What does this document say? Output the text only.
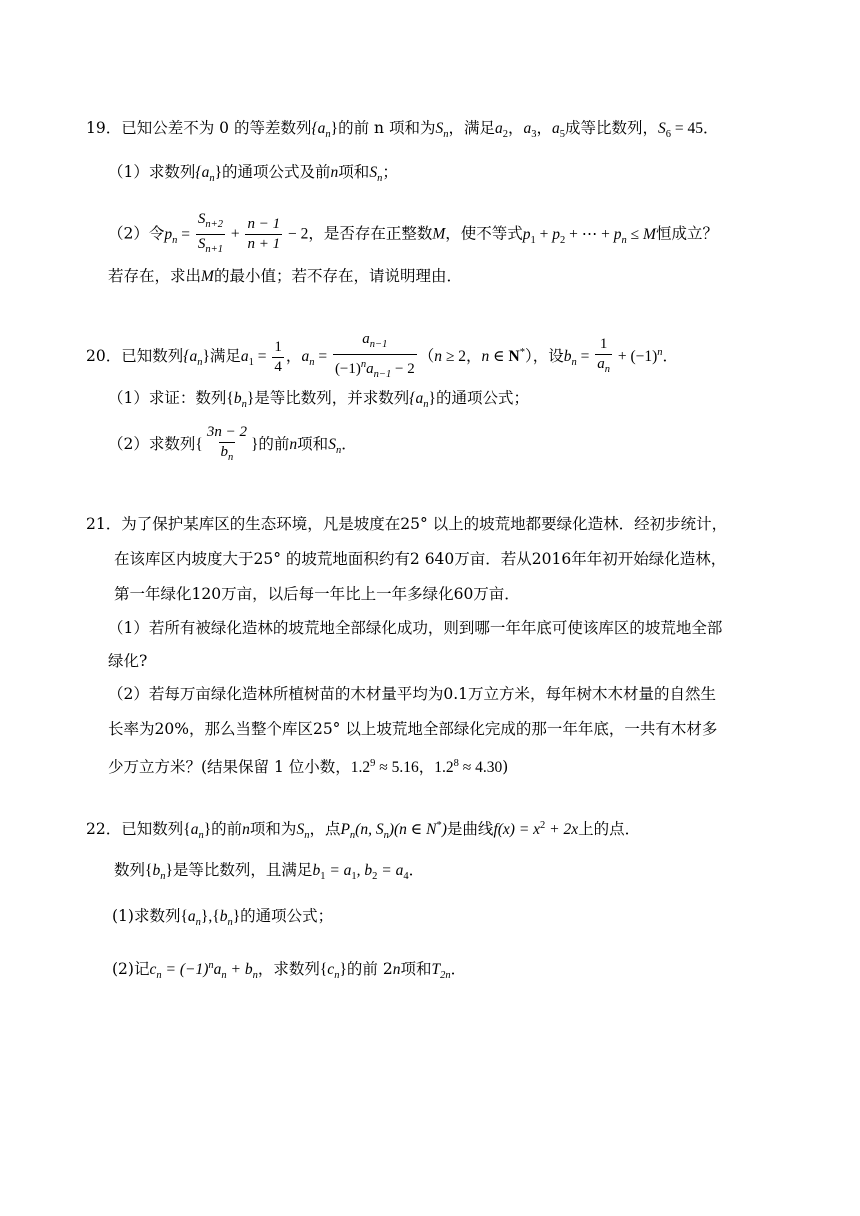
19．已知公差不为 0 的等差数列$\{a_n\}$的前 n 项和为$S_n$，满足$a_2$，$a_3$，$a_5$成等比数列，$S_6 = 45$．
（1）求数列$\{a_n\}$的通项公式及前n项和$S_n$；
（2）令$p_n = \frac{S_{n+2}}{S_{n+1}} + \frac{n - 1}{n + 1} - 2$，是否存在正整数M，使不等式$p_1 + p_2$ + ⋯ + $p_n \le M$恒成立？
若存在，求出M的最小值；若不存在，请说明理由．
20．已知数列$\{a_n\}$满足$a_1 = \frac{1}{4}$ ，$a_n = \frac{a_{n-1}}{(-1)^na_{n-1} - 2} (n \ge 2$，n ∈ N*），设$b_n = \frac{1}{a_n} + (-1)^n$．
（1）求证：数列$\{b_n\}$是等比数列，并求数列$\{a_n\}$的通项公式；
（2）求数列{ $\frac{3n - 2}{b_n}$ }的前n项和$S_n$．
21．为了保护某库区的生态环境，凡是坡度在25° 以上的坡荒地都要绿化造林．经初步统计，
在该库区内坡度大于25° 的坡荒地面积约有2 640万亩．若从2016年年初开始绿化造林，
第一年绿化120万亩，以后每一年比上一年多绿化60万亩．
（1）若所有被绿化造林的坡荒地全部绿化成功，则到哪一年年底可使该库区的坡荒地全部
绿化?
（2）若每万亩绿化造林所植树苗的木材量平均为0.1万立方米，每年树木木材量的自然生
长率为20%，那么当整个库区25° 以上坡荒地全部绿化完成的那一年年底，一共有木材多
少万立方米？(结果保留 1 位小数，$1.2^9 \approx 5.16$，$1.2^8 \approx 4.30$)
22．已知数列$\{a_n\}$的前n项和为$S_n$，点$P_n(n$, $S_n)(n$ ∈ N*)是曲线$f(x) = x^2 + 2x$上的点．
数列$\{b_n\}$是等比数列，且满足$b_1 = a_1$, $b_2 = a_4$．
(1)求数列$\{a_n\},\{b_n\}$的通项公式；
(2)记$c_n = (-1)^na_n + b_n$，求数列$\{c_n\}$的前 2n项和$T_{2n}$．
